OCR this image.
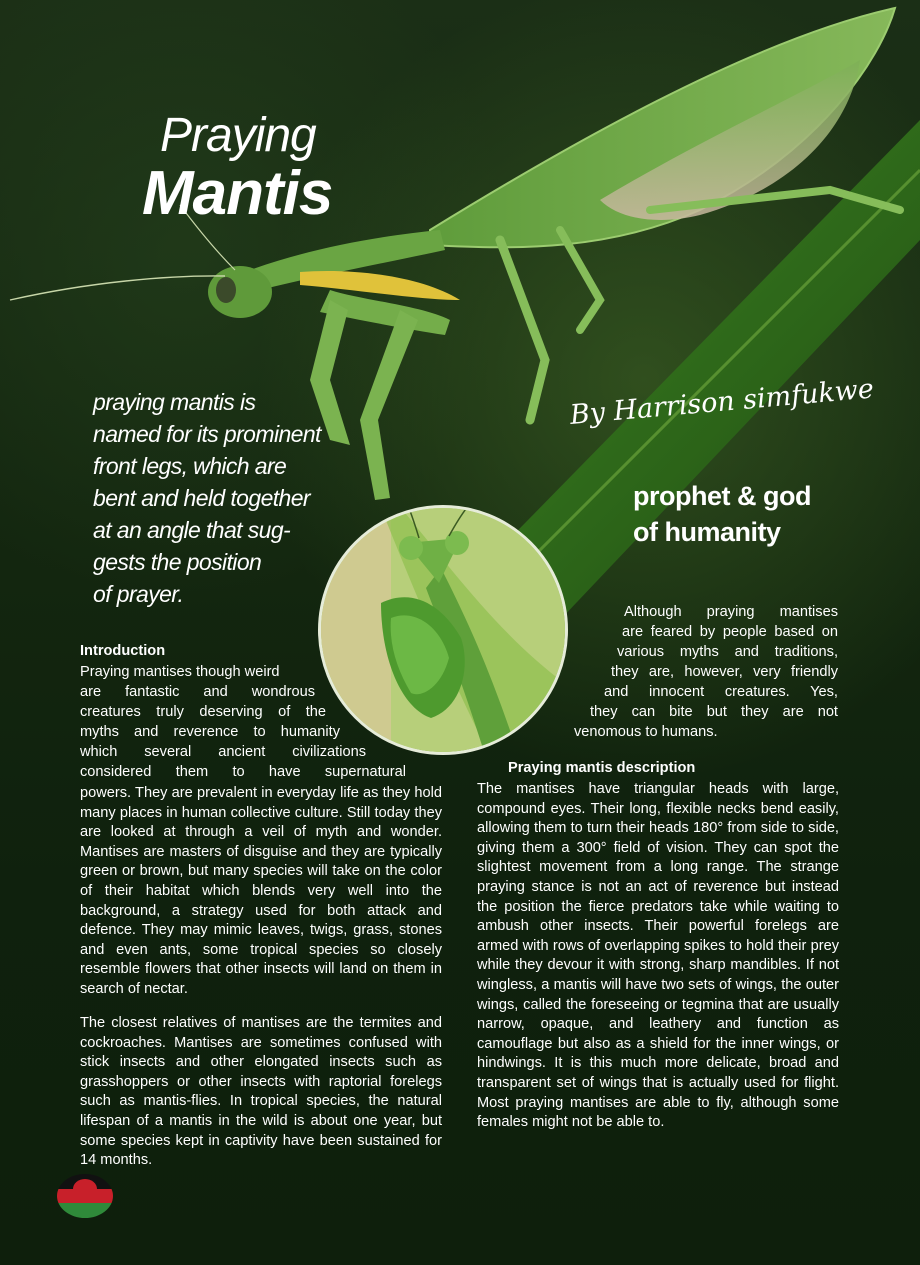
Praying
Mantis
praying mantis is
named for its prominent
front legs, which are
bent and held together
at an angle that sug-
gests the position
of prayer.
By Harrison simfukwe
prophet & god
of humanity
Although praying mantises
are feared by people based on
various myths and traditions,
they are, however, very friendly
and innocent creatures. Yes,
they can bite but they are not
venomous to humans.
Introduction
Praying mantises though weird
are fantastic and wondrous
creatures truly deserving of the
myths and reverence to humanity
which several ancient civilizations
considered them to have supernatural
powers. They are prevalent in everyday life as they hold many places in human collective culture. Still today they are looked at through a veil of myth and wonder. Mantises are masters of disguise and they are typically green or brown, but many species will take on the color of their habitat which blends very well into the background, a strategy used for both attack and defence. They may mimic leaves, twigs, grass, stones and even ants, some tropical species so closely resemble flowers that other insects will land on them in search of nectar.
The closest relatives of mantises are the termites and cockroaches. Mantises are sometimes confused with stick insects and other elongated insects such as grasshoppers or other insects with raptorial forelegs such as mantis-flies. In tropical species, the natural lifespan of a mantis in the wild is about one year, but some species kept in captivity have been sustained for 14 months.
Praying mantis description
The mantises have triangular heads with large, compound eyes. Their long, flexible necks bend easily, allowing them to turn their heads 180° from side to side, giving them a 300° field of vision. They can spot the slightest movement from a long range. The strange praying stance is not an act of reverence but instead the position the fierce predators take while waiting to ambush other insects. Their powerful forelegs are armed with rows of overlapping spikes to hold their prey while they devour it with strong, sharp mandibles. If not wingless, a mantis will have two sets of wings, the outer wings, called the foreseeing or tegmina that are usually narrow, opaque, and leathery and function as camouflage but also as a shield for the inner wings, or hindwings. It is this much more delicate, broad and transparent set of wings that is actually used for flight. Most praying mantises are able to fly, although some females might not be able to.
